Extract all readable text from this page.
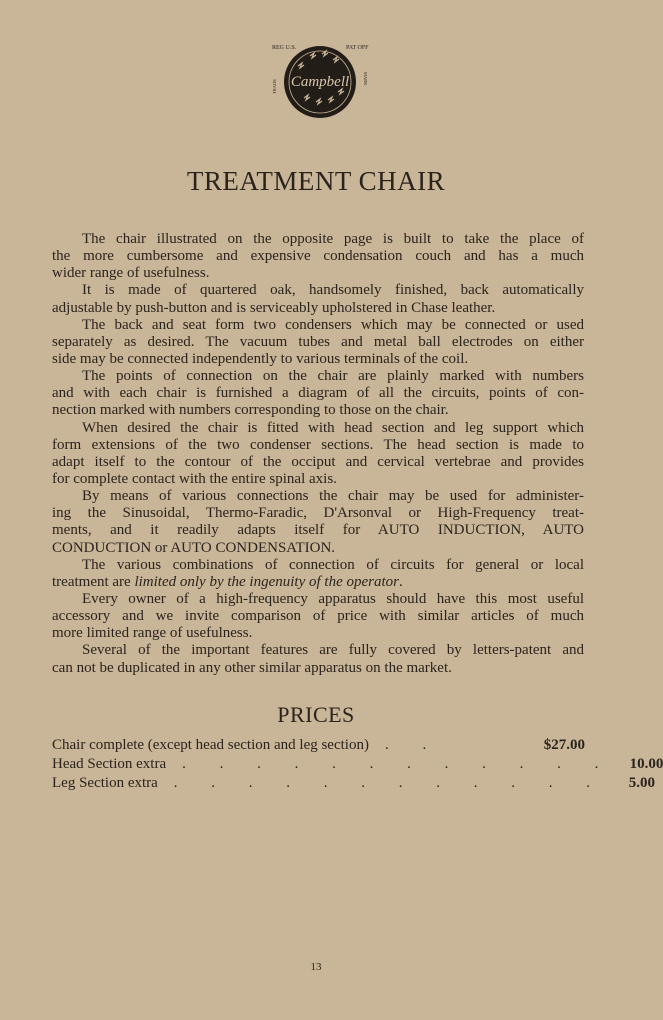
REG U.S.	PAT OFF
Campbell
TRADE
MARK
TREATMENT CHAIR
The chair illustrated on the opposite page is built to take the place of
the more cumbersome and expensive condensation couch and has a much
wider range of usefulness.
It is made of quartered oak, handsomely finished, back automatically
adjustable by push-button and is serviceably upholstered in Chase leather.
The back and seat form two condensers which may be connected or used
separately as desired. The vacuum tubes and metal ball electrodes on either
side may be connected independently to various terminals of the coil.
The points of connection on the chair are plainly marked with numbers
and with each chair is furnished a diagram of all the circuits, points of con-
nection marked with numbers corresponding to those on the chair.
When desired the chair is fitted with head section and leg support which
form extensions of the two condenser sections. The head section is made to
adapt itself to the contour of the occiput and cervical vertebrae and provides
for complete contact with the entire spinal axis.
By means of various connections the chair may be used for administer-
ing the Sinusoidal, Thermo-Faradic, D'Arsonval or High-Frequency treat-
ments, and it readily adapts itself for AUTO INDUCTION, AUTO
CONDUCTION or AUTO CONDENSATION.
The various combinations of connection of circuits for general or local
treatment are limited only by the ingenuity of the operator.
Every owner of a high-frequency apparatus should have this most useful
accessory and we invite comparison of price with similar articles of much
more limited range of usefulness.
Several of the important features are fully covered by letters-patent and
can not be duplicated in any other similar apparatus on the market.
PRICES
Chair complete (except head section and leg section)	. .	$27.00
Head Section extra	. . . . . . . . . . . .	10.00
Leg Section extra	. . . . . . . . . . . .	5.00
13
